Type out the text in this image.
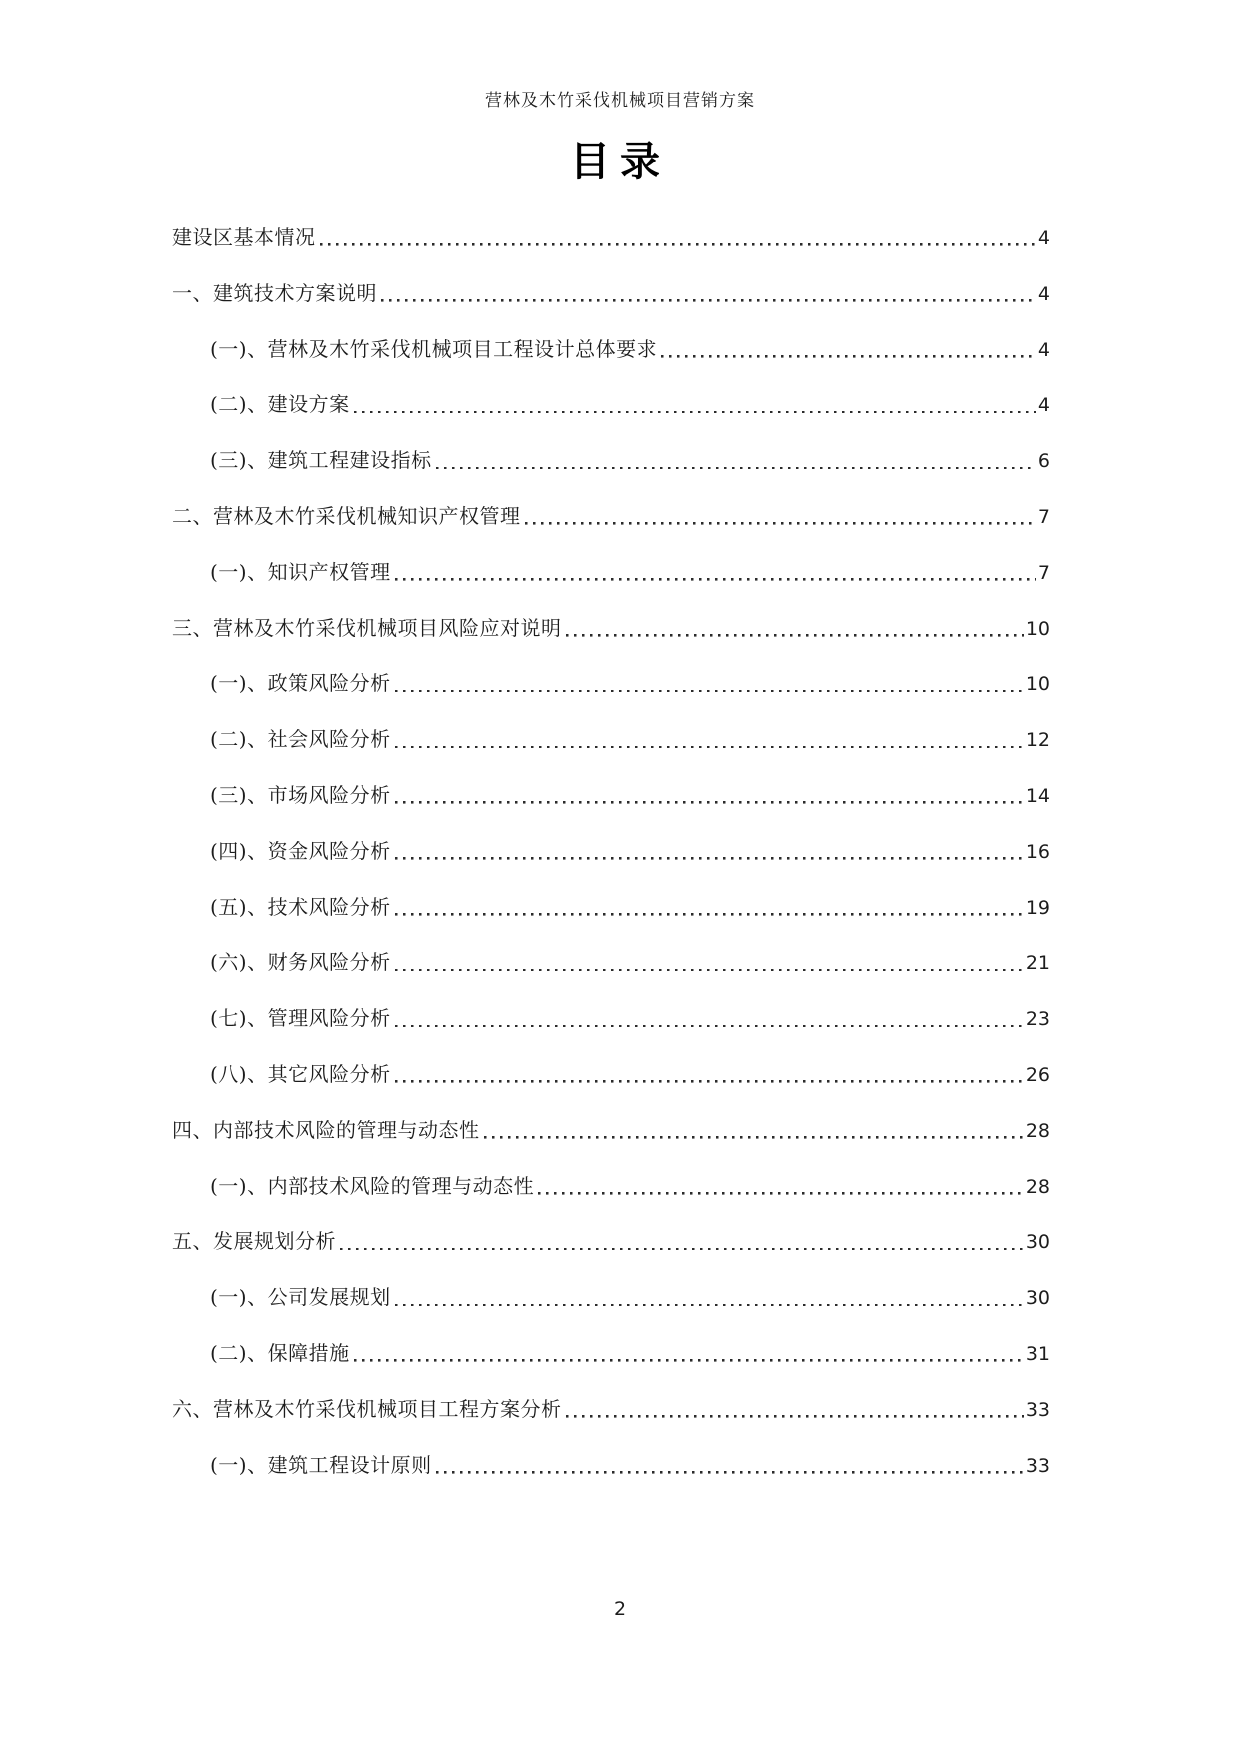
营林及木竹采伐机械项目营销方案
目录
建设区基本情况	4
一、建筑技术方案说明	4
(一)、营林及木竹采伐机械项目工程设计总体要求	4
(二)、建设方案	4
(三)、建筑工程建设指标	6
二、营林及木竹采伐机械知识产权管理	7
(一)、知识产权管理	7
三、营林及木竹采伐机械项目风险应对说明	10
(一)、政策风险分析	10
(二)、社会风险分析	12
(三)、市场风险分析	14
(四)、资金风险分析	16
(五)、技术风险分析	19
(六)、财务风险分析	21
(七)、管理风险分析	23
(八)、其它风险分析	26
四、内部技术风险的管理与动态性	28
(一)、内部技术风险的管理与动态性	28
五、发展规划分析	30
(一)、公司发展规划	30
(二)、保障措施	31
六、营林及木竹采伐机械项目工程方案分析	33
(一)、建筑工程设计原则	33
2
